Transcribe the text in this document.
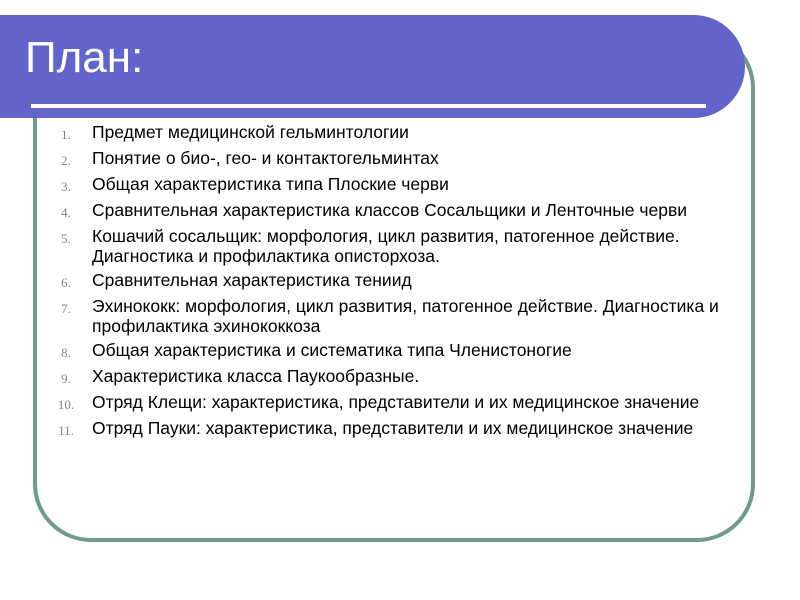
План:
1.	Предмет медицинской гельминтологии
2.	Понятие о био-, гео- и контактогельминтах
3.	Общая характеристика типа Плоские черви
4.	Сравнительная характеристика классов Сосальщики и Ленточные черви
5.	Кошачий сосальщик: морфология, цикл развития, патогенное действие. Диагностика и профилактика описторхоза.
6.	Сравнительная характеристика тениид
7.	Эхинококк: морфология, цикл развития, патогенное действие. Диагностика и профилактика эхинококкоза
8.	Общая характеристика и систематика типа Членистоногие
9.	Характеристика класса Паукообразные.
10.	Отряд Клещи: характеристика, представители и их медицинское значение
11.	Отряд Пауки: характеристика, представители и их медицинское значение
